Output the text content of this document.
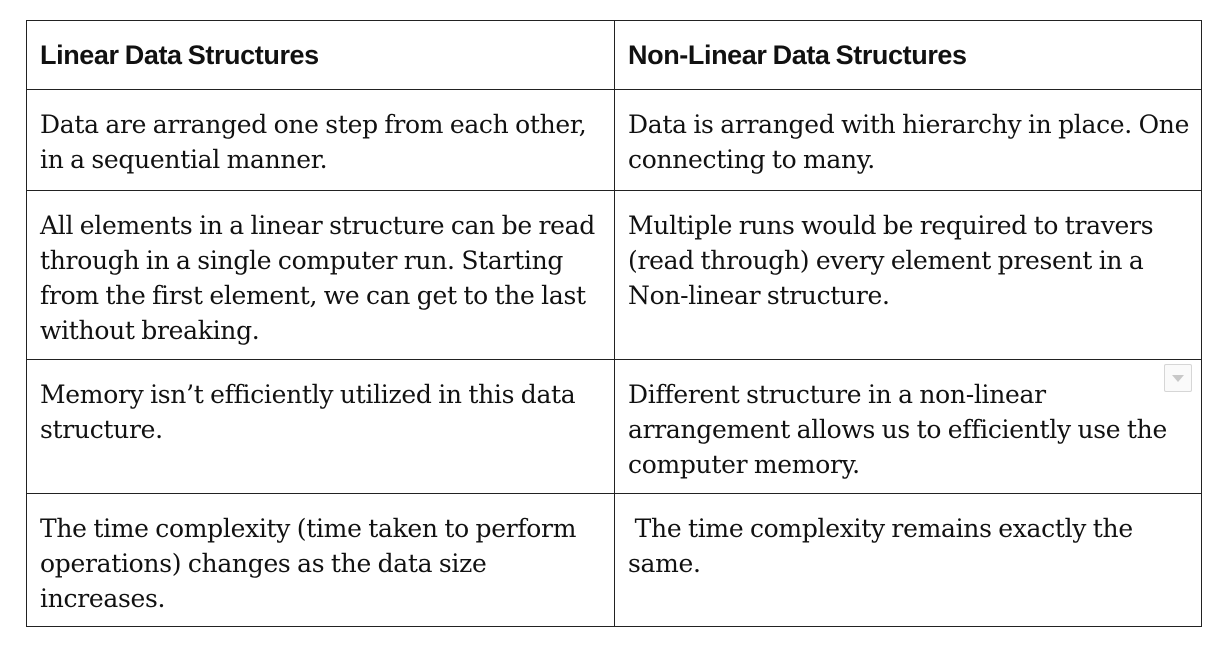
Linear Data Structures	Non-Linear Data Structures

Data are arranged one step from each other, in a sequential manner.	Data is arranged with hierarchy in place. One connecting to many.

All elements in a linear structure can be read through in a single computer run. Starting from the first element, we can get to the last without breaking.	Multiple runs would be required to travers (read through) every element present in a Non-linear structure.

Memory isn’t efficiently utilized in this data structure.	Different structure in a non-linear arrangement allows us to efficiently use the computer memory.

The time complexity (time taken to perform operations) changes as the data size increases.	The time complexity remains exactly the same.
